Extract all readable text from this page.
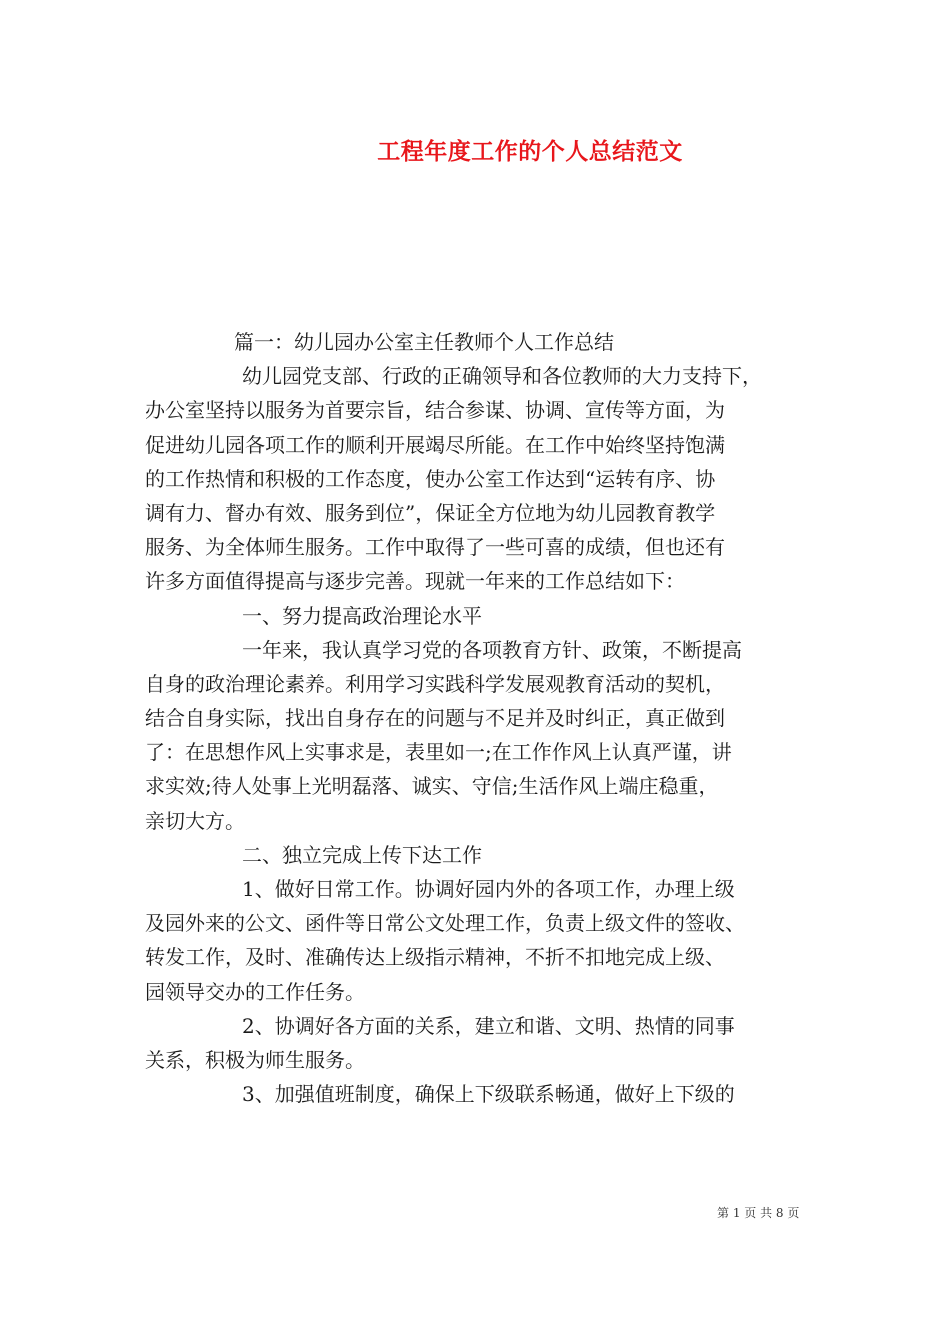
工程年度工作的个人总结范文
篇一：幼儿园办公室主任教师个人工作总结
幼儿园党支部、行政的正确领导和各位教师的大力支持下，
办公室坚持以服务为首要宗旨，结合参谋、协调、宣传等方面，为
促进幼儿园各项工作的顺利开展竭尽所能。在工作中始终坚持饱满
的工作热情和积极的工作态度，使办公室工作达到“运转有序、协
调有力、督办有效、服务到位”，保证全方位地为幼儿园教育教学
服务、为全体师生服务。工作中取得了一些可喜的成绩，但也还有
许多方面值得提高与逐步完善。现就一年来的工作总结如下：
一、努力提高政治理论水平
一年来，我认真学习党的各项教育方针、政策，不断提高
自身的政治理论素养。利用学习实践科学发展观教育活动的契机，
结合自身实际，找出自身存在的问题与不足并及时纠正，真正做到
了：在思想作风上实事求是，表里如一;在工作作风上认真严谨，讲
求实效;待人处事上光明磊落、诚实、守信;生活作风上端庄稳重，
亲切大方。
二、独立完成上传下达工作
1、做好日常工作。协调好园内外的各项工作，办理上级
及园外来的公文、函件等日常公文处理工作，负责上级文件的签收、
转发工作，及时、准确传达上级指示精神，不折不扣地完成上级、
园领导交办的工作任务。
2、协调好各方面的关系，建立和谐、文明、热情的同事
关系，积极为师生服务。
3、加强值班制度，确保上下级联系畅通，做好上下级的
第 1 页 共 8 页
